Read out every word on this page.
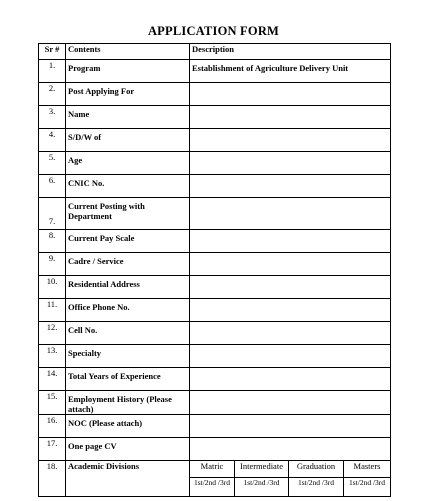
APPLICATION FORM
Sr #	Contents	Description			
1.	Program	Establishment of Agriculture Delivery Unit			
2.	Post Applying For				
3.	Name				
4.	S/D/W of				
5.	Age				
6.	CNIC No.				
7.	Current Posting with Department				
8.	Current Pay Scale				
9.	Cadre / Service				
10.	Residential Address				
11.	Office Phone No.				
12.	Cell No.				
13.	Specialty				
14.	Total Years of Experience				
15.	Employment History (Please attach)				
16.	NOC (Please attach)				
17.	One page CV				
18.	Academic Divisions	Matric	Intermediate	Graduation	Masters
		1st/2nd /3rd	1st/2nd /3rd	1st/2nd /3rd	1st/2nd /3rd
